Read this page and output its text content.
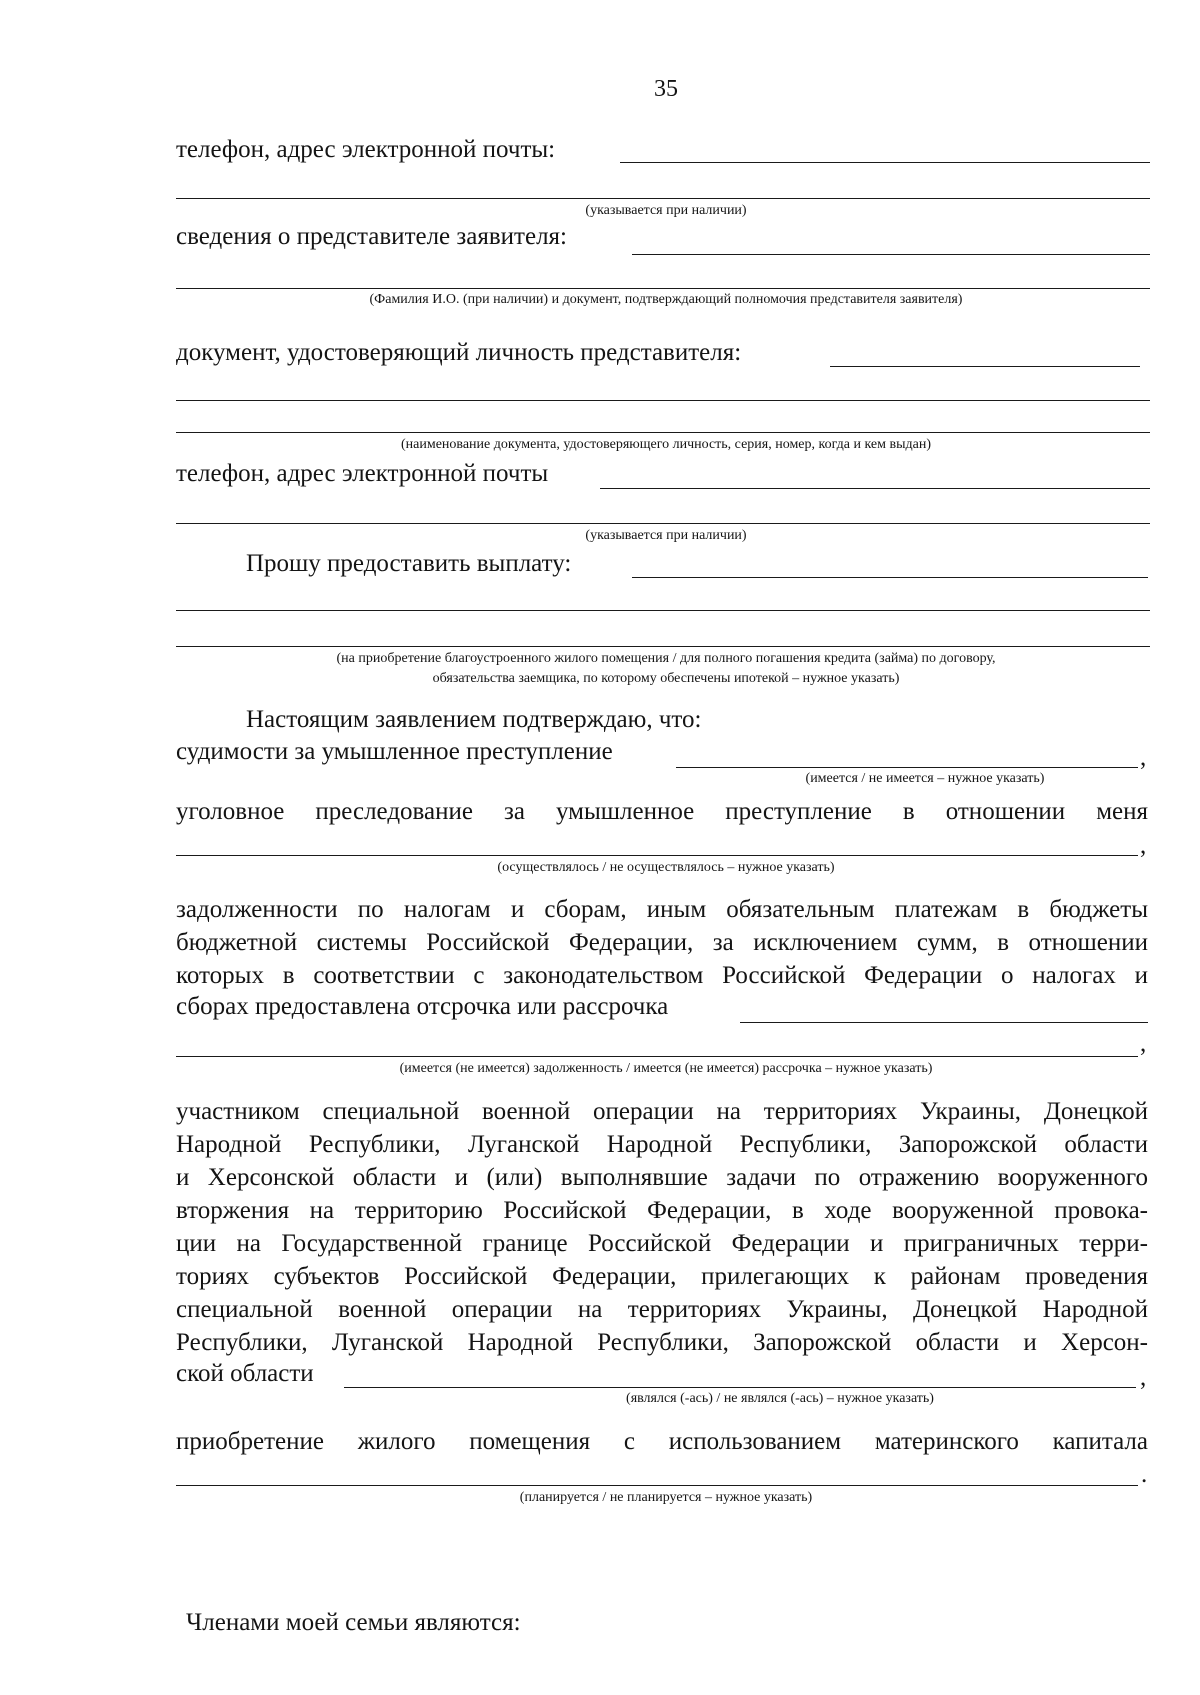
35
телефон, адрес электронной почты:
(указывается при наличии)
сведения о представителе заявителя:
(Фамилия И.О. (при наличии) и документ, подтверждающий полномочия представителя заявителя)
документ, удостоверяющий личность представителя:
(наименование документа, удостоверяющего личность, серия, номер, когда и кем выдан)
телефон, адрес электронной почты
(указывается при наличии)
Прошу предоставить выплату:
(на приобретение благоустроенного жилого помещения / для полного погашения кредита (займа) по договору,
обязательства заемщика, по которому обеспечены ипотекой – нужное указать)
Настоящим заявлением подтверждаю, что:
судимости за умышленное преступление	,
(имеется / не имеется – нужное указать)
уголовное преследование за умышленное преступление в отношении меня
,
(осуществлялось / не осуществлялось – нужное указать)
задолженности по налогам и сборам, иным обязательным платежам в бюджеты
бюджетной системы Российской Федерации, за исключением сумм, в отношении
которых в соответствии с законодательством Российской Федерации о налогах и
сборах предоставлена отсрочка или рассрочка
,
(имеется (не имеется) задолженность / имеется (не имеется) рассрочка – нужное указать)
участником специальной военной операции на территориях Украины, Донецкой
Народной Республики, Луганской Народной Республики, Запорожской области
и Херсонской области и (или) выполнявшие задачи по отражению вооруженного
вторжения на территорию Российской Федерации, в ходе вооруженной провока-
ции на Государственной границе Российской Федерации и приграничных терри-
ториях субъектов Российской Федерации, прилегающих к районам проведения
специальной военной операции на территориях Украины, Донецкой Народной
Республики, Луганской Народной Республики, Запорожской области и Херсон-
ской области	,
(являлся (-ась) / не являлся (-ась) – нужное указать)
приобретение жилого помещения с использованием материнского капитала
.
(планируется / не планируется – нужное указать)
Членами моей семьи являются:
